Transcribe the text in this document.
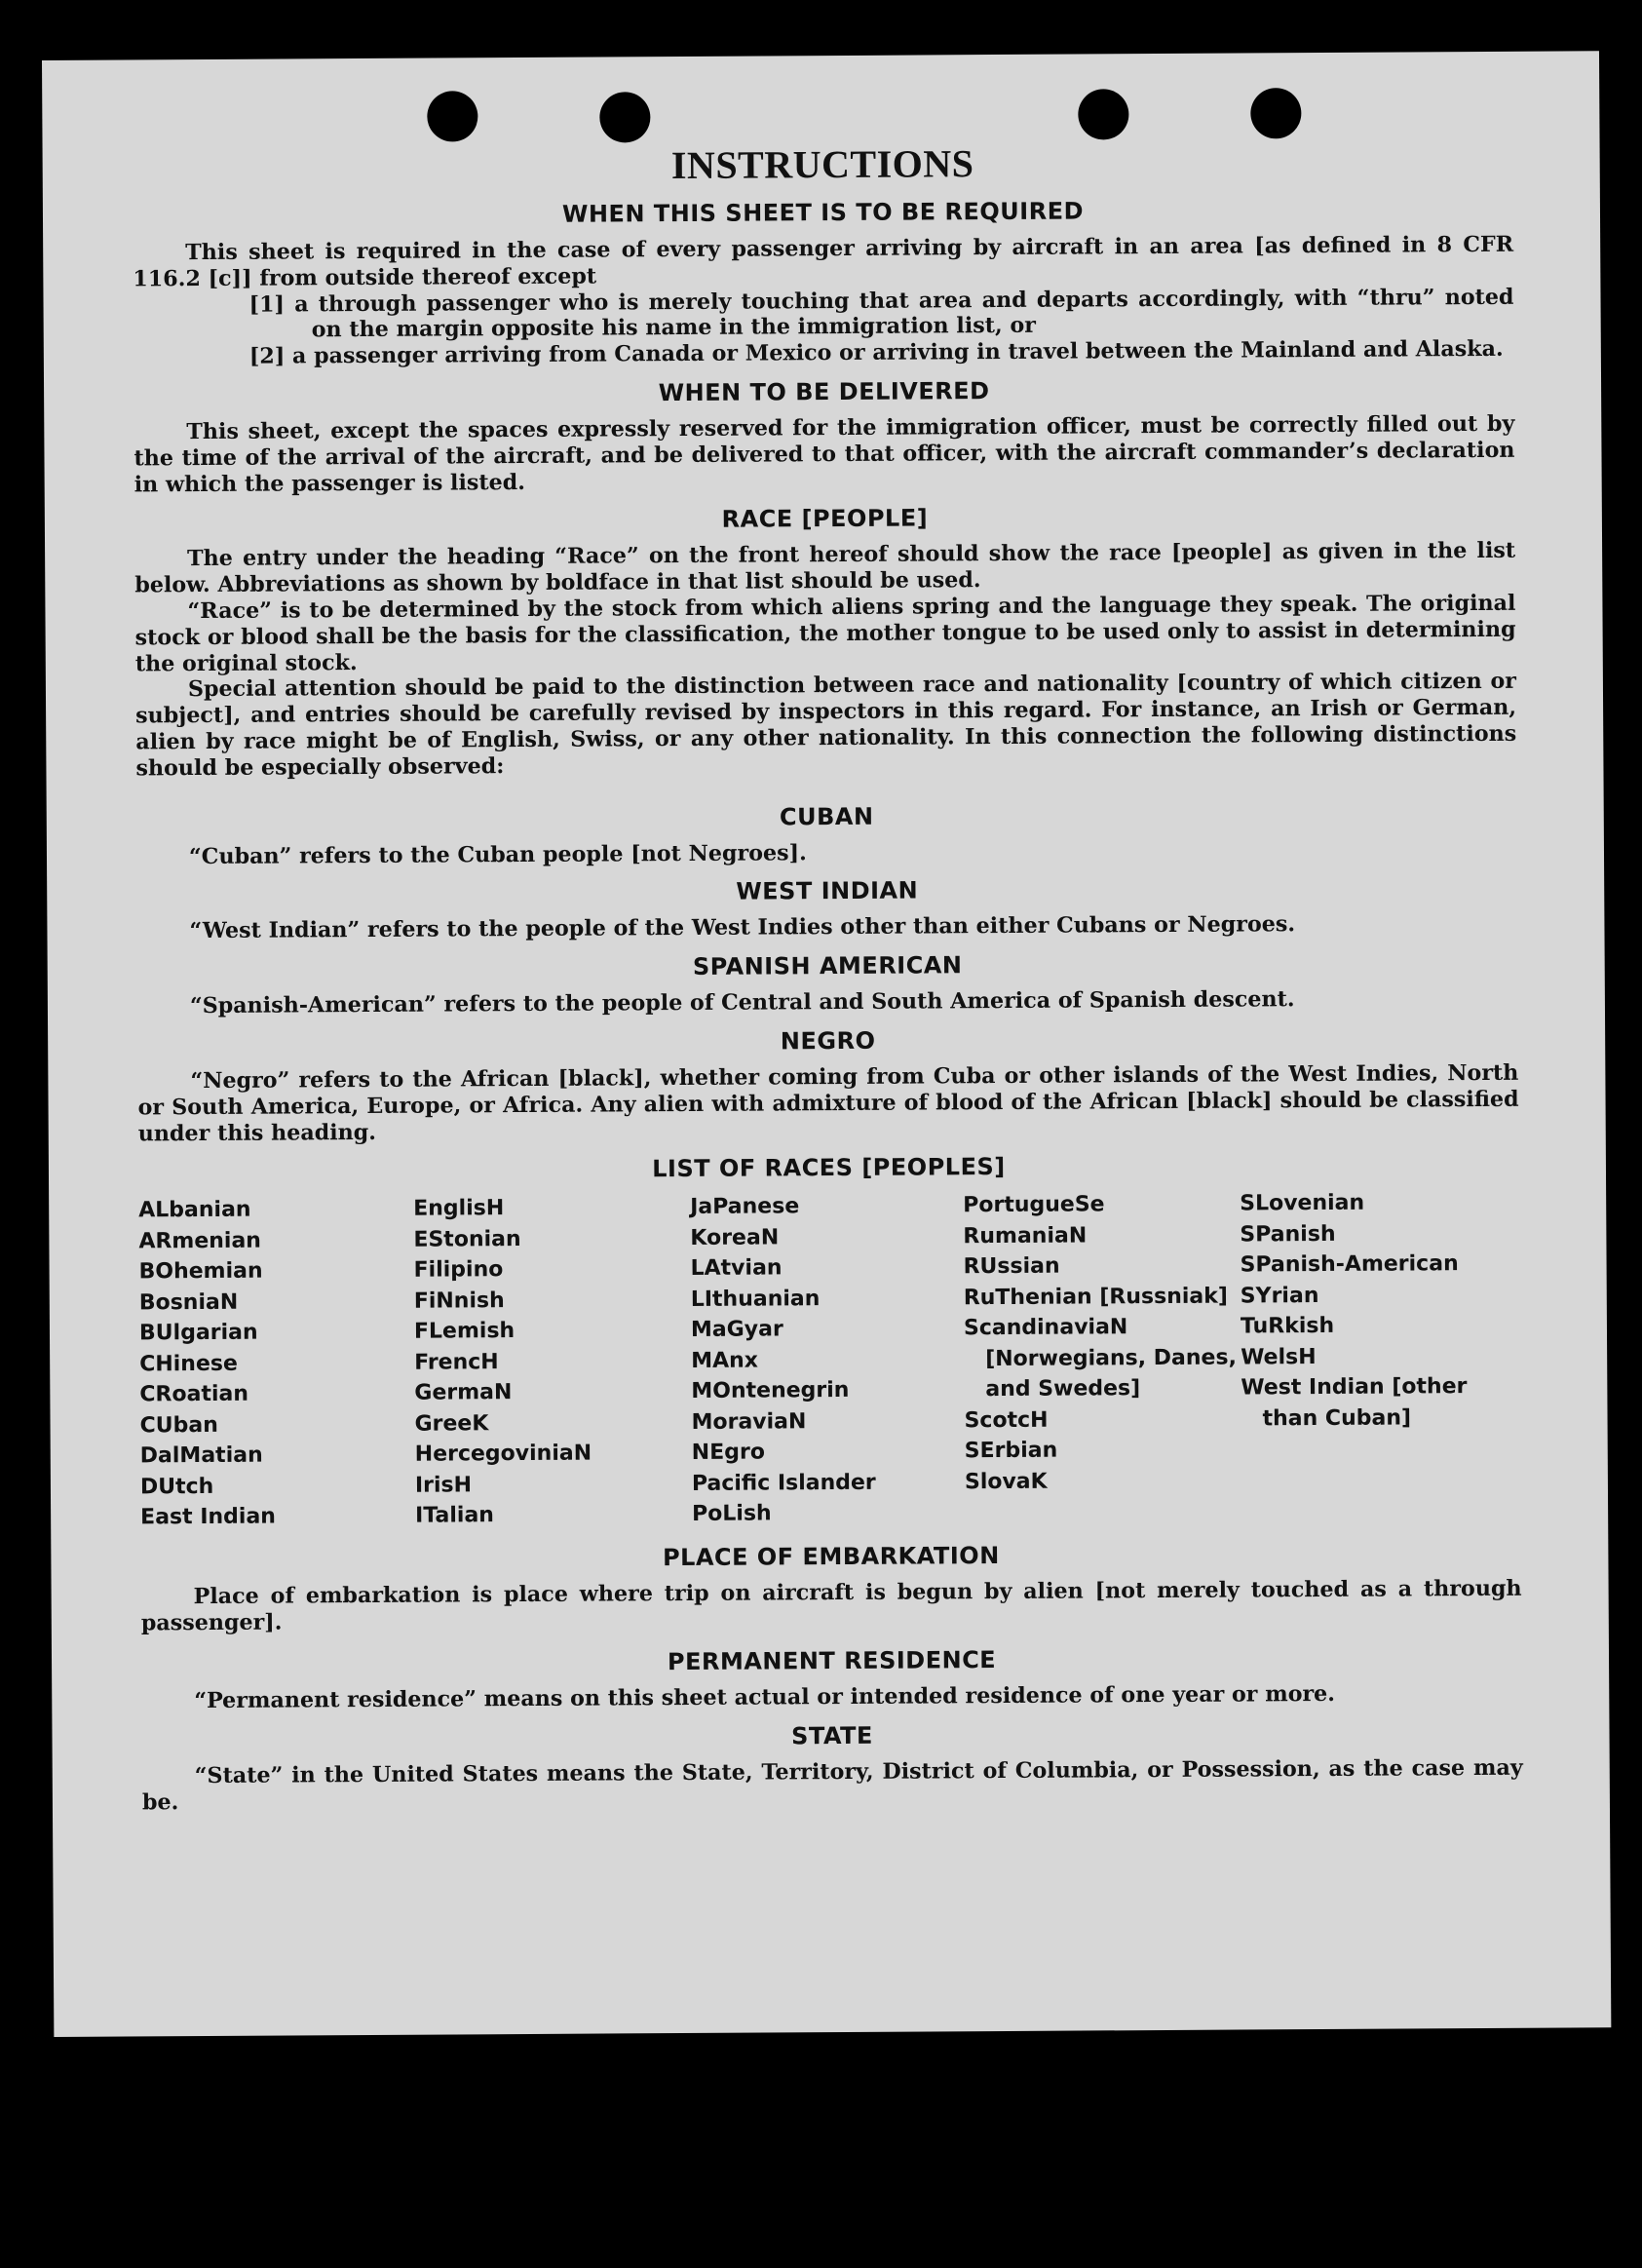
INSTRUCTIONS
WHEN THIS SHEET IS TO BE REQUIRED

This sheet is required in the case of every passenger arriving by aircraft in an area [as defined in 8 CFR 116.2 [c]] from outside thereof except

[1] a through passenger who is merely touching that area and departs accordingly, with “thru” noted on the margin opposite his name in the immigration list, or

[2] a passenger arriving from Canada or Mexico or arriving in travel between the Mainland and Alaska.

WHEN TO BE DELIVERED

This sheet, except the spaces expressly reserved for the immigration officer, must be correctly filled out by the time of the arrival of the aircraft, and be delivered to that officer, with the aircraft commander’s declaration in which the passenger is listed.

RACE [PEOPLE]

The entry under the heading “Race” on the front hereof should show the race [people] as given in the list below. Abbreviations as shown by boldface in that list should be used.

“Race” is to be determined by the stock from which aliens spring and the language they speak. The original stock or blood shall be the basis for the classification, the mother tongue to be used only to assist in determining the original stock.

Special attention should be paid to the distinction between race and nationality [country of which citizen or subject], and entries should be carefully revised by inspectors in this regard. For instance, an Irish or German, alien by race might be of English, Swiss, or any other nationality. In this connection the following distinctions should be especially observed:

CUBAN

“Cuban” refers to the Cuban people [not Negroes].

WEST INDIAN

“West Indian” refers to the people of the West Indies other than either Cubans or Negroes.

SPANISH AMERICAN

“Spanish-American” refers to the people of Central and South America of Spanish descent.

NEGRO

“Negro” refers to the African [black], whether coming from Cuba or other islands of the West Indies, North or South America, Europe, or Africa. Any alien with admixture of blood of the African [black] should be classified under this heading.

LIST OF RACES [PEOPLES]
ALbanian
ARmenian
BOhemian
BosniaN
BUlgarian
CHinese
CRoatian
CUban
DalMatian
DUtch
East Indian
EnglisH
EStonian
Filipino
FiNnish
FLemish
FrencH
GermaN
GreeK
HercegoviniaN
IrisH
ITalian
JaPanese
KoreaN
LAtvian
LIthuanian
MaGyar
MAnx
MOntenegrin
MoraviaN
NEgro
Pacific Islander
PoLish
PortugueSe
RumaniaN
RUssian
RuThenian [Russniak]
ScandinaviaN [Norwegians, Danes, and Swedes]
ScotcH
SErbian
SlovaK
SLovenian
SPanish
SPanish-American
SYrian
TuRkish
WelsH
West Indian [other than Cuban]
PLACE OF EMBARKATION

Place of embarkation is place where trip on aircraft is begun by alien [not merely touched as a through passenger].

PERMANENT RESIDENCE

“Permanent residence” means on this sheet actual or intended residence of one year or more.

STATE

“State” in the United States means the State, Territory, District of Columbia, or Possession, as the case may be.
